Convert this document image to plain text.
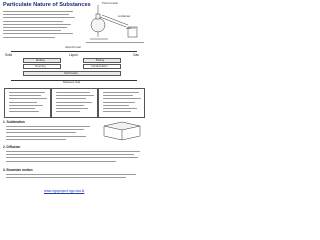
Particulate Nature of Substances	Thermometer
condenser
water in
Absorbs heat
Solid	Liquid	Gas
Melting	Boiling
Freezing	Condensation
Sublimation
Releases heat
1. Sublimation
2. Diffusion
3. Brownian motion
www.ngoproject.ngo.cba.lk
